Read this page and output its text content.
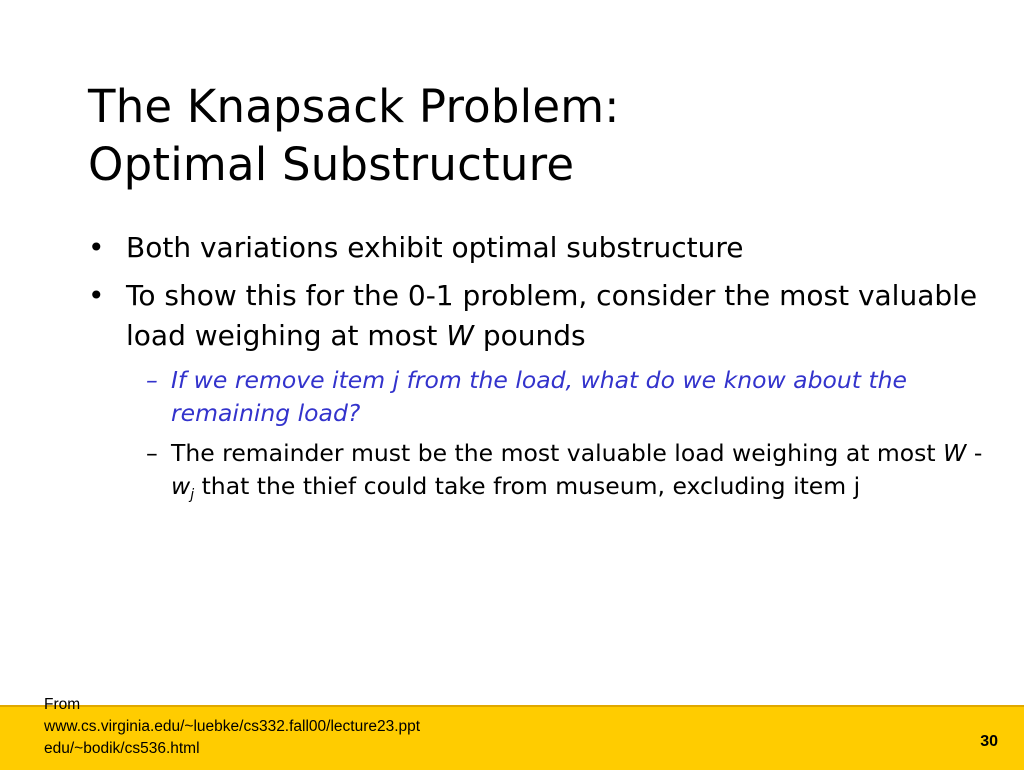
The Knapsack Problem:
Optimal Substructure
• Both variations exhibit optimal substructure
• To show this for the 0-1 problem, consider the most valuable load weighing at most W pounds
– If we remove item j from the load, what do we know about the remaining load?
– The remainder must be the most valuable load weighing at most W - $w_j$ that the thief could take from museum, excluding item j
From
www.cs.virginia.edu/~luebke/cs332.fall00/lecture23.ppt
edu/~bodik/cs536.html	30
